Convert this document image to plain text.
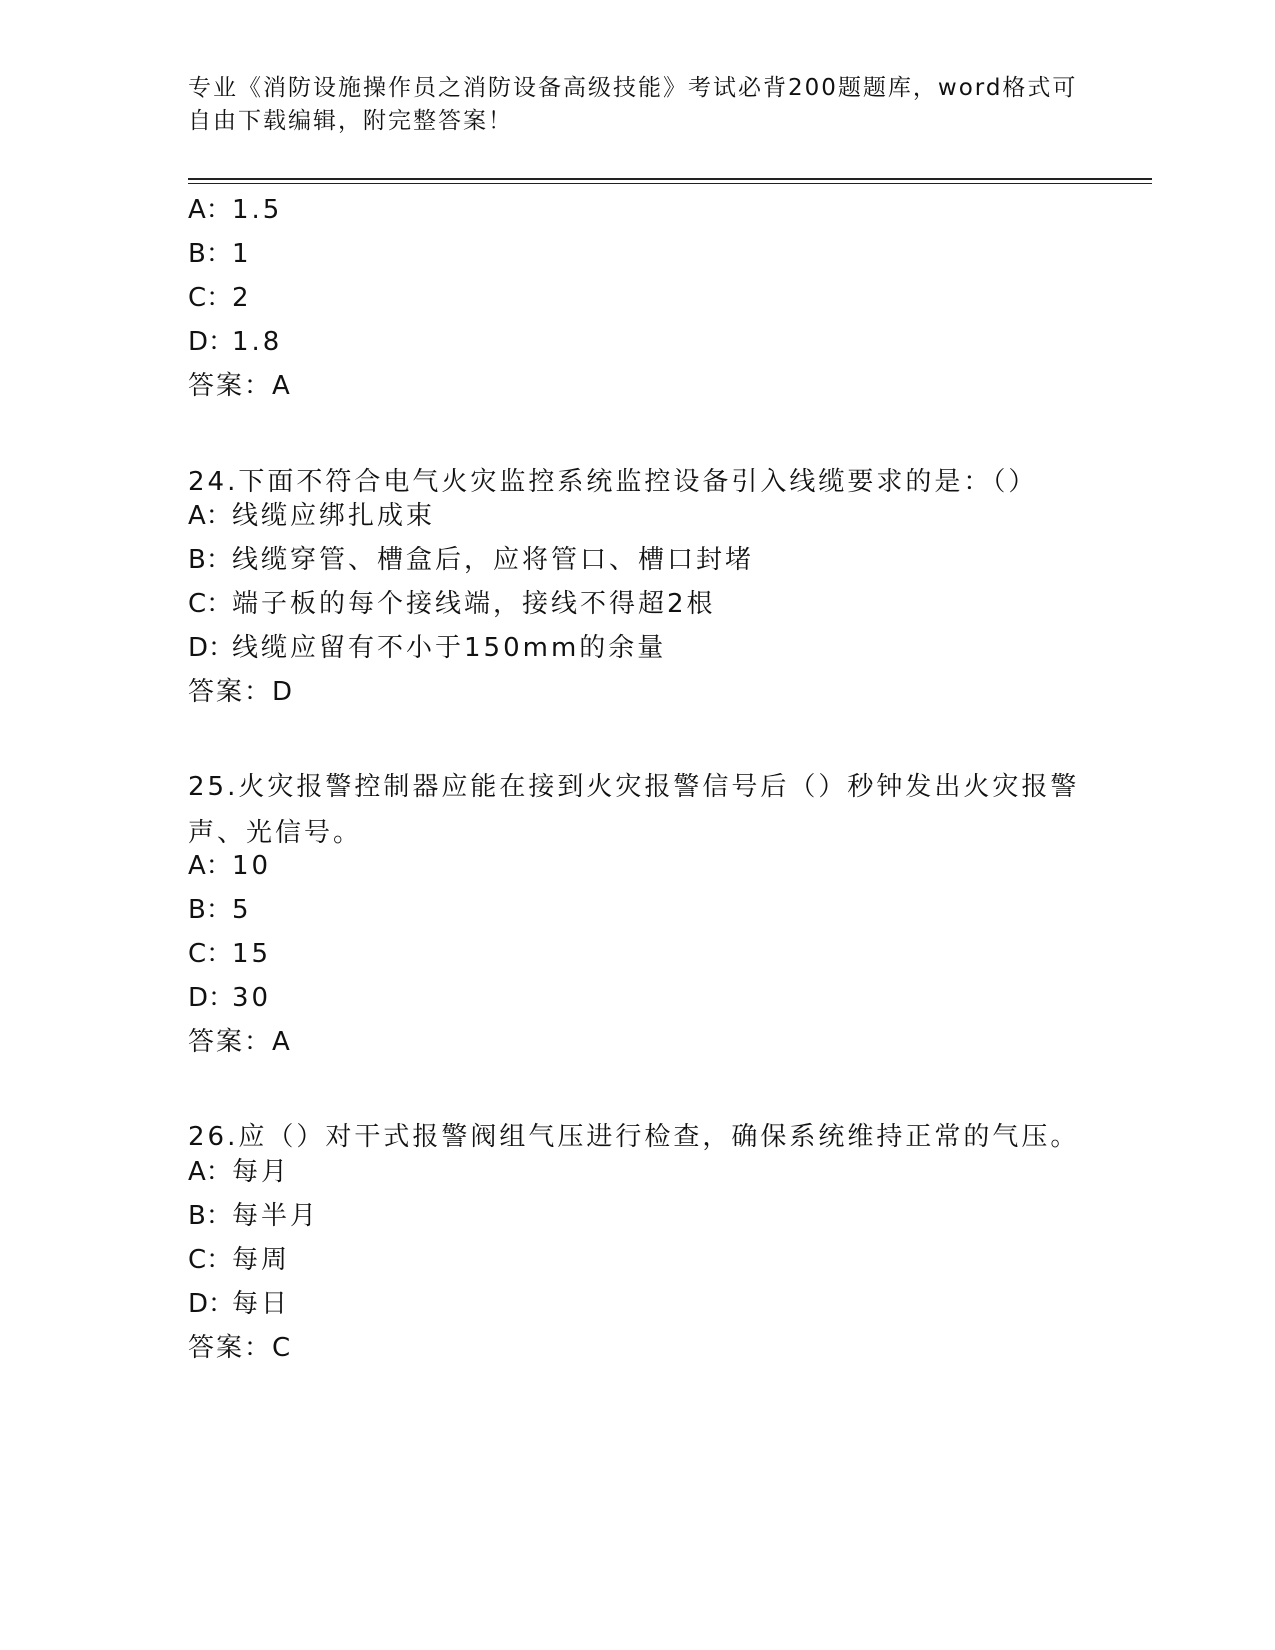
专业《消防设施操作员之消防设备高级技能》考试必背200题题库，word格式可自由下载编辑，附完整答案！

A：1.5
B：1
C：2
D：1.8
答案：A
24.下面不符合电气火灾监控系统监控设备引入线缆要求的是：（）
A：线缆应绑扎成束
B：线缆穿管、槽盒后，应将管口、槽口封堵
C：端子板的每个接线端，接线不得超2根
D：线缆应留有不小于150mm的余量
答案：D
25.火灾报警控制器应能在接到火灾报警信号后（）秒钟发出火灾报警声、光信号。
A：10
B：5
C：15
D：30
答案：A
26.应（）对干式报警阀组气压进行检查，确保系统维持正常的气压。
A：每月
B：每半月
C：每周
D：每日
答案：C
